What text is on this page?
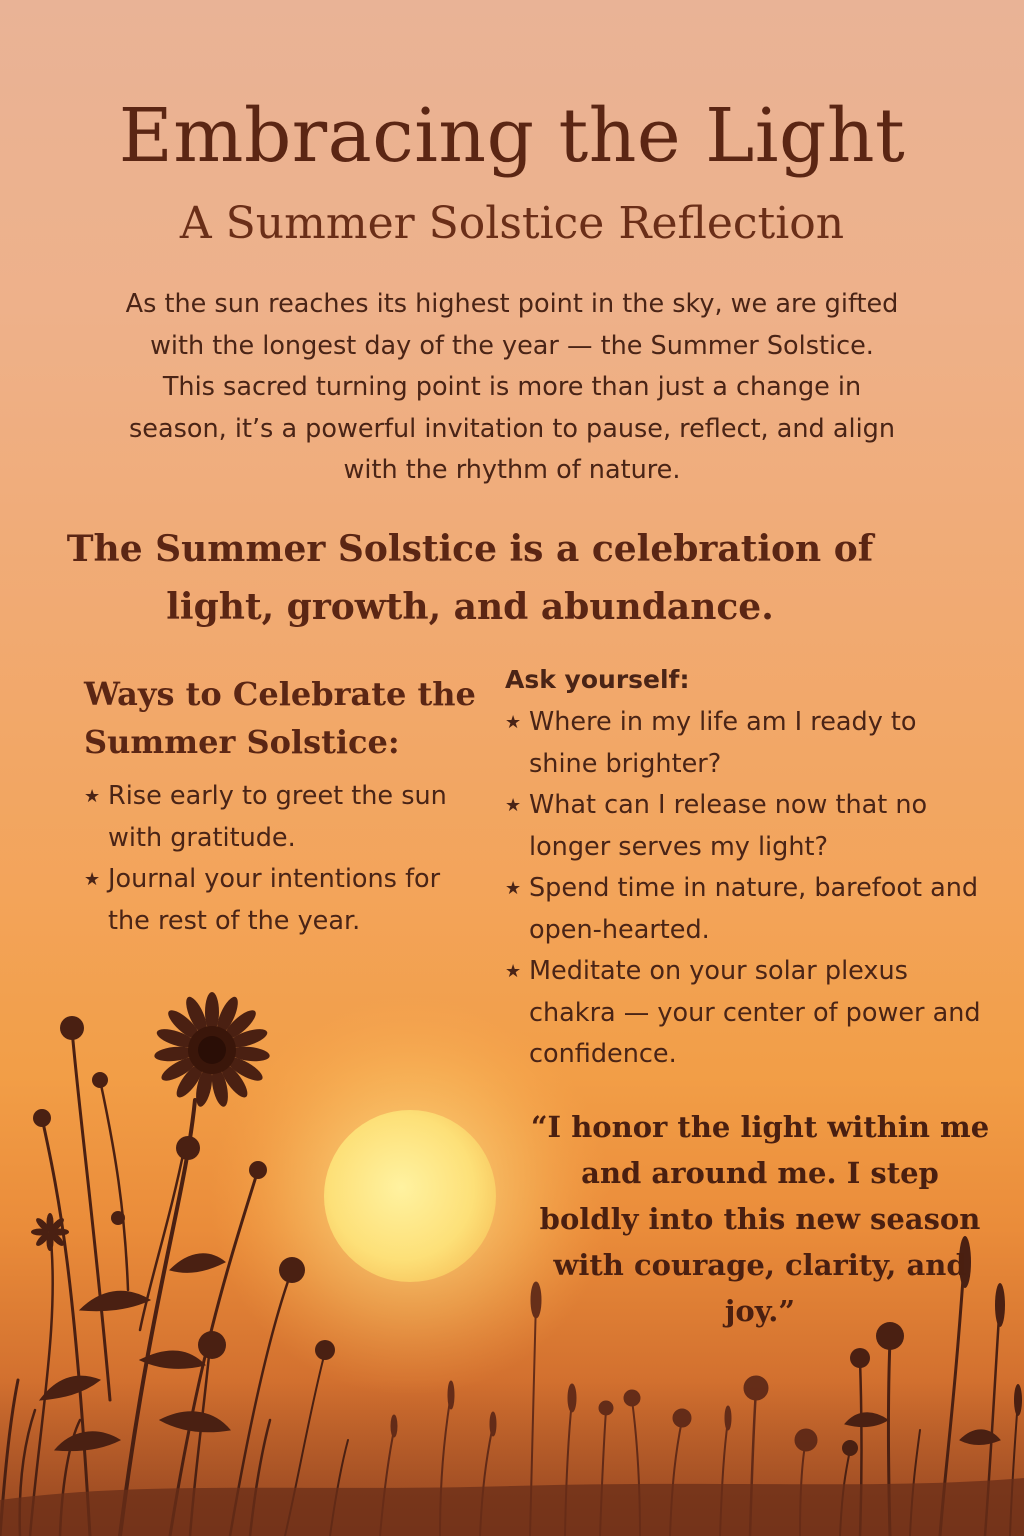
Embracing the Light
A Summer Solstice Reflection

As the sun reaches its highest point in the sky, we are gifted with the longest day of the year — the Summer Solstice. This sacred turning point is more than just a change in season, it’s a powerful invitation to pause, reflect, and align with the rhythm of nature.

The Summer Solstice is a celebration of light, growth, and abundance.

Ways to Celebrate the Summer Solstice:
★ Rise early to greet the sun with gratitude.
★ Journal your intentions for the rest of the year.
Ask yourself:
★ Where in my life am I ready to shine brighter?
★ What can I release now that no longer serves my light?
★ Spend time in nature, barefoot and open-hearted.
★ Meditate on your solar plexus chakra — your center of power and confidence.

“I honor the light within me and around me. I step boldly into this new season with courage, clarity, and joy.”
